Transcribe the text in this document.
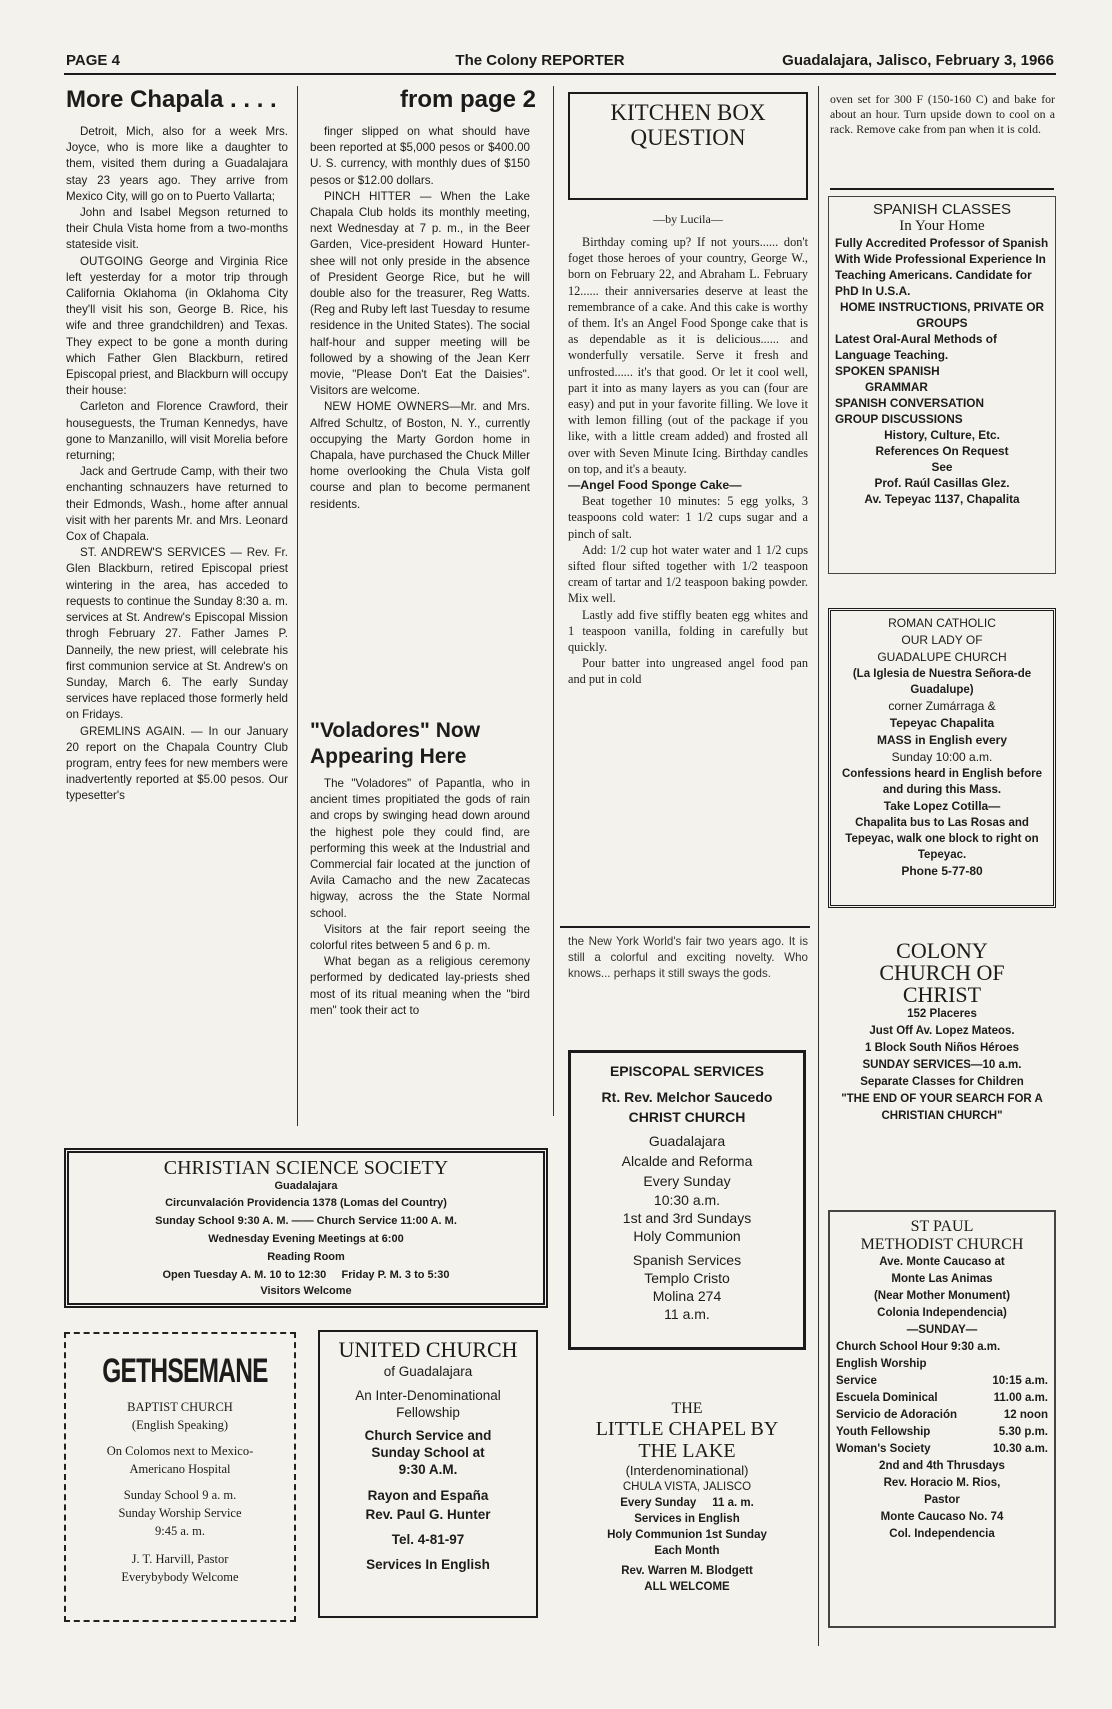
PAGE 4	The Colony REPORTER	Guadalajara, Jalisco, February 3, 1966
More Chapala . . . .	from page 2

Detroit, Mich, also for a week Mrs. Joyce, who is more like a daughter to them, visited them during a Guadalajara stay 23 years ago. They arrive from Mexico City, will go on to Puerto Vallarta;

John and Isabel Megson returned to their Chula Vista home from a two-months stateside visit.

OUTGOING George and Virginia Rice left yesterday for a motor trip through California Oklahoma (in Oklahoma City they'll visit his son, George B. Rice, his wife and three grandchildren) and Texas. They expect to be gone a month during which Father Glen Blackburn, retired Episcopal priest, and Blackburn will occupy their house:

Carleton and Florence Crawford, their houseguests, the Truman Kennedys, have gone to Manzanillo, will visit Morelia before returning;

Jack and Gertrude Camp, with their two enchanting schnauzers have returned to their Edmonds, Wash., home after annual visit with her parents Mr. and Mrs. Leonard Cox of Chapala.

ST. ANDREW'S SERVICES — Rev. Fr. Glen Blackburn, retired Episcopal priest wintering in the area, has acceded to requests to continue the Sunday 8:30 a. m. services at St. Andrew's Episcopal Mission throgh February 27. Father James P. Danneily, the new priest, will celebrate his first communion service at St. Andrew's on Sunday, March 6. The early Sunday services have replaced those formerly held on Fridays.

GREMLINS AGAIN. — In our January 20 report on the Chapala Country Club program, entry fees for new members were inadvertently reported at $5.00 pesos. Our typesetter's

finger slipped on what should have been reported at $5,000 pesos or $400.00 U. S. currency, with monthly dues of $150 pesos or $12.00 dollars.

PINCH HITTER — When the Lake Chapala Club holds its monthly meeting, next Wednesday at 7 p. m., in the Beer Garden, Vice-president Howard Hunter-shee will not only preside in the absence of President George Rice, but he will double also for the treasurer, Reg Watts. (Reg and Ruby left last Tuesday to resume residence in the United States). The social half-hour and supper meeting will be followed by a showing of the Jean Kerr movie, "Please Don't Eat the Daisies". Visitors are welcome.

NEW HOME OWNERS—Mr. and Mrs. Alfred Schultz, of Boston, N. Y., currently occupying the Marty Gordon home in Chapala, have purchased the Chuck Miller home overlooking the Chula Vista golf course and plan to become permanent residents.

"Voladores" Now Appearing Here

The "Voladores" of Papantla, who in ancient times propitiated the gods of rain and crops by swinging head down around the highest pole they could find, are performing this week at the Industrial and Commercial fair located at the junction of Avila Camacho and the new Zacatecas higway, across the the State Normal school.

Visitors at the fair report seeing the colorful rites between 5 and 6 p. m.

What began as a religious ceremony performed by dedicated lay-priests shed most of its ritual meaning when the "bird men" took their act to

KITCHEN BOX QUESTION
—by Lucila—

Birthday coming up? If not yours...... don't foget those heroes of your country, George W., born on February 22, and Abraham L. February 12...... their anniversaries deserve at least the remembrance of a cake. And this cake is worthy of them. It's an Angel Food Sponge cake that is as dependable as it is delicious...... and wonderfully versatile. Serve it fresh and unfrosted...... it's that good. Or let it cool well, part it into as many layers as you can (four are easy) and put in your favorite filling. We love it with lemon filling (out of the package if you like, with a little cream added) and frosted all over with Seven Minute Icing. Birthday candles on top, and it's a beauty.

—Angel Food Sponge Cake—

Beat together 10 minutes: 5 egg yolks, 3 teaspoons cold water: 1 1/2 cups sugar and a pinch of salt.

Add: 1/2 cup hot water water and 1 1/2 cups sifted flour sifted together with 1/2 teaspoon cream of tartar and 1/2 teaspoon baking powder. Mix well.

Lastly add five stiffly beaten egg whites and 1 teaspoon vanilla, folding in carefully but quickly.

Pour batter into ungreased angel food pan and put in cold

the New York World's fair two years ago. It is still a colorful and exciting novelty. Who knows... perhaps it still sways the gods.

oven set for 300 F (150-160 C) and bake for about an hour. Turn upside down to cool on a rack. Remove cake from pan when it is cold.

SPANISH CLASSES
In Your Home
Fully Accredited Professor of Spanish With Wide Professional Experience In Teaching Americans. Candidate for PhD In U.S.A.
HOME INSTRUCTIONS, PRIVATE OR GROUPS
Latest Oral-Aural Methods of Language Teaching.
SPOKEN SPANISH
GRAMMAR
SPANISH CONVERSATION
GROUP DISCUSSIONS
History, Culture, Etc.
References On Request
See
Prof. Raúl Casillas Glez.
Av. Tepeyac 1137, Chapalita
ROMAN CATHOLIC
OUR LADY OF
GUADALUPE CHURCH
(La Iglesia de Nuestra Señora-de Guadalupe)
corner Zumárraga &
Tepeyac Chapalita
MASS in English every
Sunday 10:00 a.m.
Confessions heard in English before and during this Mass.
Take Lopez Cotilla—
Chapalita bus to Las Rosas and Tepeyac, walk one block to right on Tepeyac.
Phone 5-77-80
COLONY CHURCH OF CHRIST
152 Placeres
Just Off Av. Lopez Mateos.
1 Block South Niños Héroes
SUNDAY SERVICES—10 a.m.
Separate Classes for Children
"THE END OF YOUR SEARCH FOR A CHRISTIAN CHURCH"
ST PAUL
METHODIST CHURCH
Ave. Monte Caucaso at
Monte Las Animas
(Near Mother Monument)
Colonia Independencia)
—SUNDAY—
Church School Hour 9:30 a.m.
English Worship
Service	10:15 a.m.
Escuela Dominical	11.00 a.m.
Servicio de Adoración	12 noon
Youth Fellowship	5.30 p.m.
Woman's Society	10.30 a.m.
2nd and 4th Thrusdays
Rev. Horacio M. Rios,
Pastor
Monte Caucaso No. 74
Col. Independencia
EPISCOPAL SERVICES
Rt. Rev. Melchor Saucedo
CHRIST CHURCH
Guadalajara
Alcalde and Reforma
Every Sunday
10:30 a.m.
1st and 3rd Sundays
Holy Communion
Spanish Services
Templo Cristo
Molina 274
11 a.m.
CHRISTIAN SCIENCE SOCIETY
Guadalajara
Circunvalación Providencia 1378 (Lomas del Country)
Sunday School 9:30 A. M. —— Church Service 11:00 A. M.
Wednesday Evening Meetings at 6:00
Reading Room
Open Tuesday A. M. 10 to 12:30     Friday P. M. 3 to 5:30
Visitors Welcome
GETHSEMANE
BAPTIST CHURCH
(English Speaking)
On Colomos next to Mexico-Americano Hospital
Sunday School 9 a. m.
Sunday Worship Service
9:45 a. m.
J. T. Harvill, Pastor
Everybybody Welcome
UNITED CHURCH
of Guadalajara
An Inter-Denominational Fellowship
Church Service and Sunday School at
9:30 A.M.
Rayon and España
Rev. Paul G. Hunter
Tel. 4-81-97
Services In English
THE
LITTLE CHAPEL BY THE LAKE
(Interdenominational)
CHULA VISTA, JALISCO
Every Sunday     11 a. m.
Services in English
Holy Communion 1st Sunday
Each Month
Rev. Warren M. Blodgett
ALL WELCOME
